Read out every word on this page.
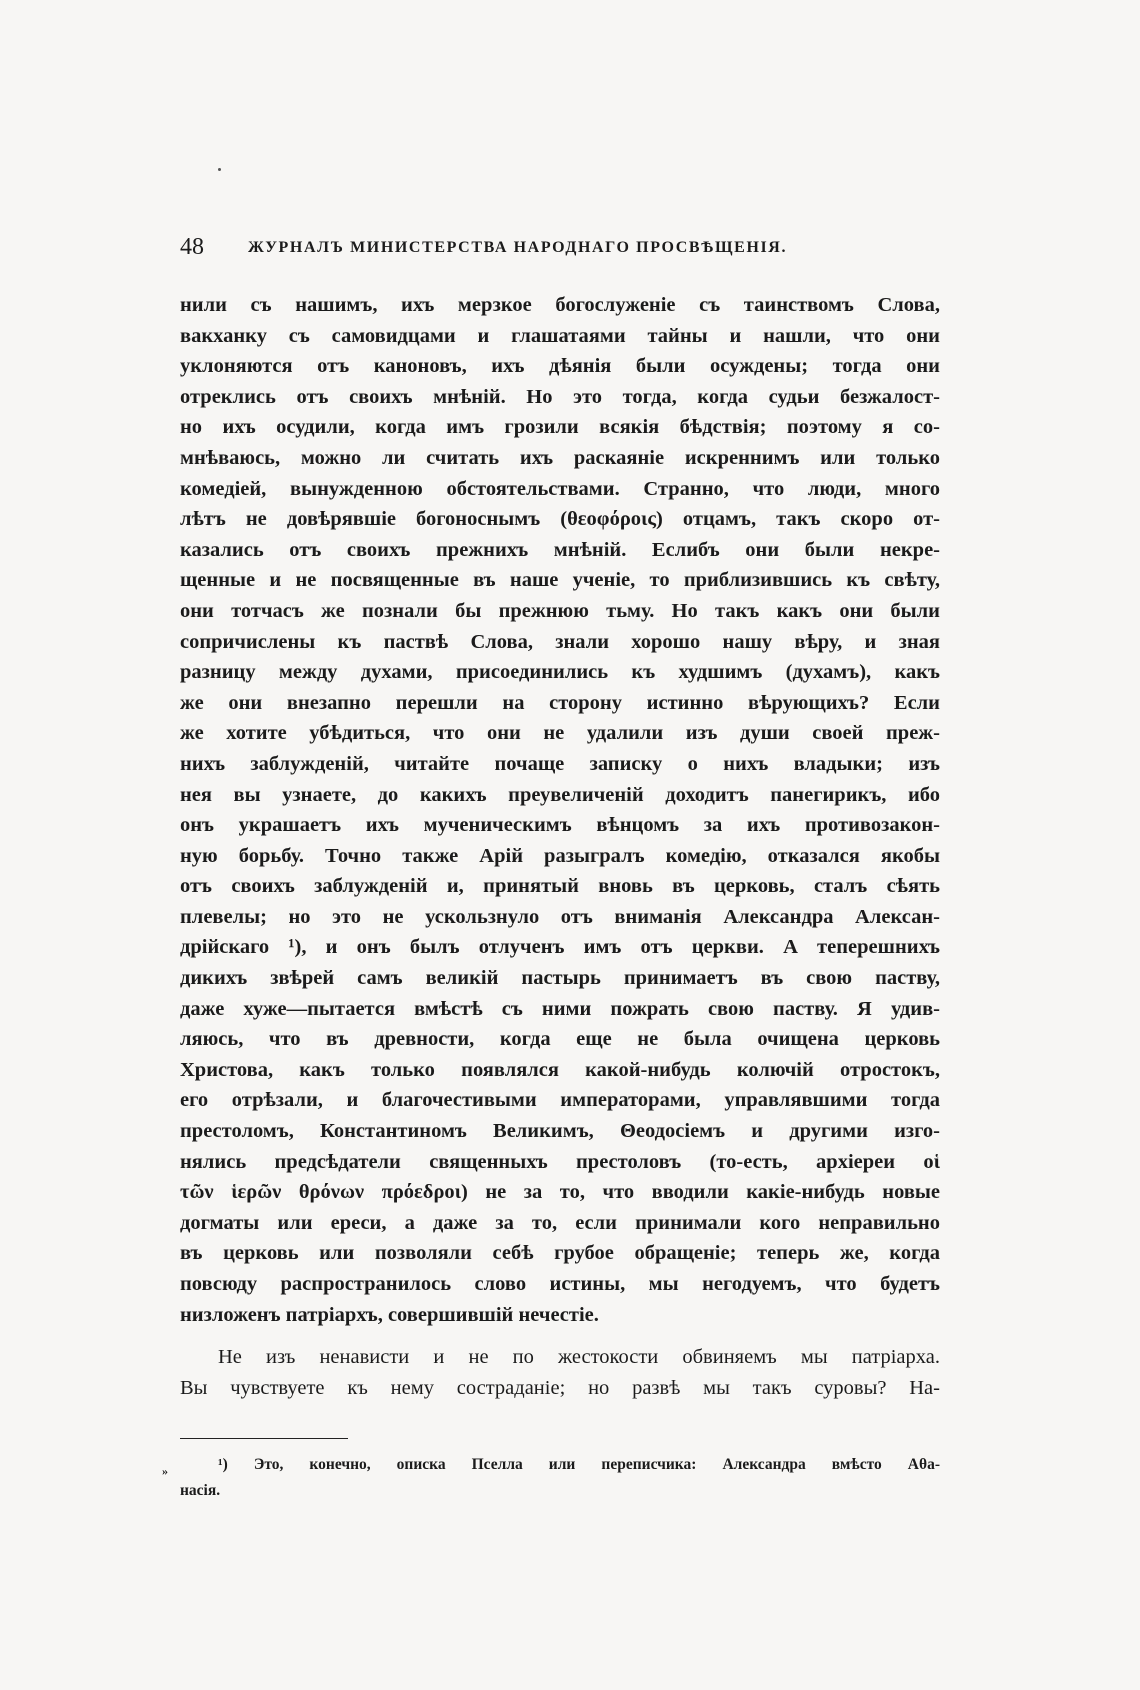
48	ЖУРНАЛЪ МИНИСТЕРСТВА НАРОДНАГО ПРОСВѢЩЕНІЯ.
нили съ нашимъ, ихъ мерзкое богослуженіе съ таинствомъ Слова,
вакханку съ самовидцами и глашатаями тайны и нашли, что они
уклоняются отъ каноновъ, ихъ дѣянія были осуждены; тогда они
отреклись отъ своихъ мнѣній. Но это тогда, когда судьи безжалост-
но ихъ осудили, когда имъ грозили всякія бѣдствія; поэтому я со-
мнѣваюсь, можно ли считать ихъ раскаяніе искреннимъ или только
комедіей, вынужденною обстоятельствами. Странно, что люди, много
лѣтъ не довѣрявшіе богоноснымъ (θεοφόροις) отцамъ, такъ скоро от-
казались отъ своихъ прежнихъ мнѣній. Еслибъ они были некре-
щенные и не посвященные въ наше ученіе, то приблизившись къ свѣту,
они тотчасъ же познали бы прежнюю тьму. Но такъ какъ они были
сопричислены къ паствѣ Слова, знали хорошо нашу вѣру, и зная
разницу между духами, присоединились къ худшимъ (духамъ), какъ
же они внезапно перешли на сторону истинно вѣрующихъ? Если
же хотите убѣдиться, что они не удалили изъ души своей преж-
нихъ заблужденій, читайте почаще записку о нихъ владыки; изъ
нея вы узнаете, до какихъ преувеличеній доходитъ панегирикъ, ибо
онъ украшаетъ ихъ мученическимъ вѣнцомъ за ихъ противозакон-
ную борьбу. Точно также Арій разыгралъ комедію, отказался якобы
отъ своихъ заблужденій и, принятый вновь въ церковь, сталъ сѣять
плевелы; но это не ускользнуло отъ вниманія Александра Алексан-
дрійскаго ¹), и онъ былъ отлученъ имъ отъ церкви. А теперешнихъ
дикихъ звѣрей самъ великій пастырь принимаетъ въ свою паству,
даже хуже—пытается вмѣстѣ съ ними пожрать свою паству. Я удив-
ляюсь, что въ древности, когда еще не была очищена церковь
Христова, какъ только появлялся какой-нибудь колючій отростокъ,
его отрѣзали, и благочестивыми императорами, управлявшими тогда
престоломъ, Константиномъ Великимъ, Θеодосіемъ и другими изго-
нялись предсѣдатели священныхъ престоловъ (то-есть, архіереи οἱ
τῶν ἱερῶν θρόνων πρόεδροι) не за то, что вводили какіе-нибудь новые
догматы или ереси, а даже за то, если принимали кого неправильно
въ церковь или позволяли себѣ грубое обращеніе; теперь же, когда
повсюду распространилось слово истины, мы негодуемъ, что будетъ
низложенъ патріархъ, совершившій нечестіе.
Не изъ ненависти и не по жестокости обвиняемъ мы патріарха.
Вы чувствуете къ нему состраданіе; но развѣ мы такъ суровы? На-
»	¹) Это, конечно, описка Пселла или переписчика: Александра вмѣсто Аθа-
насія.
